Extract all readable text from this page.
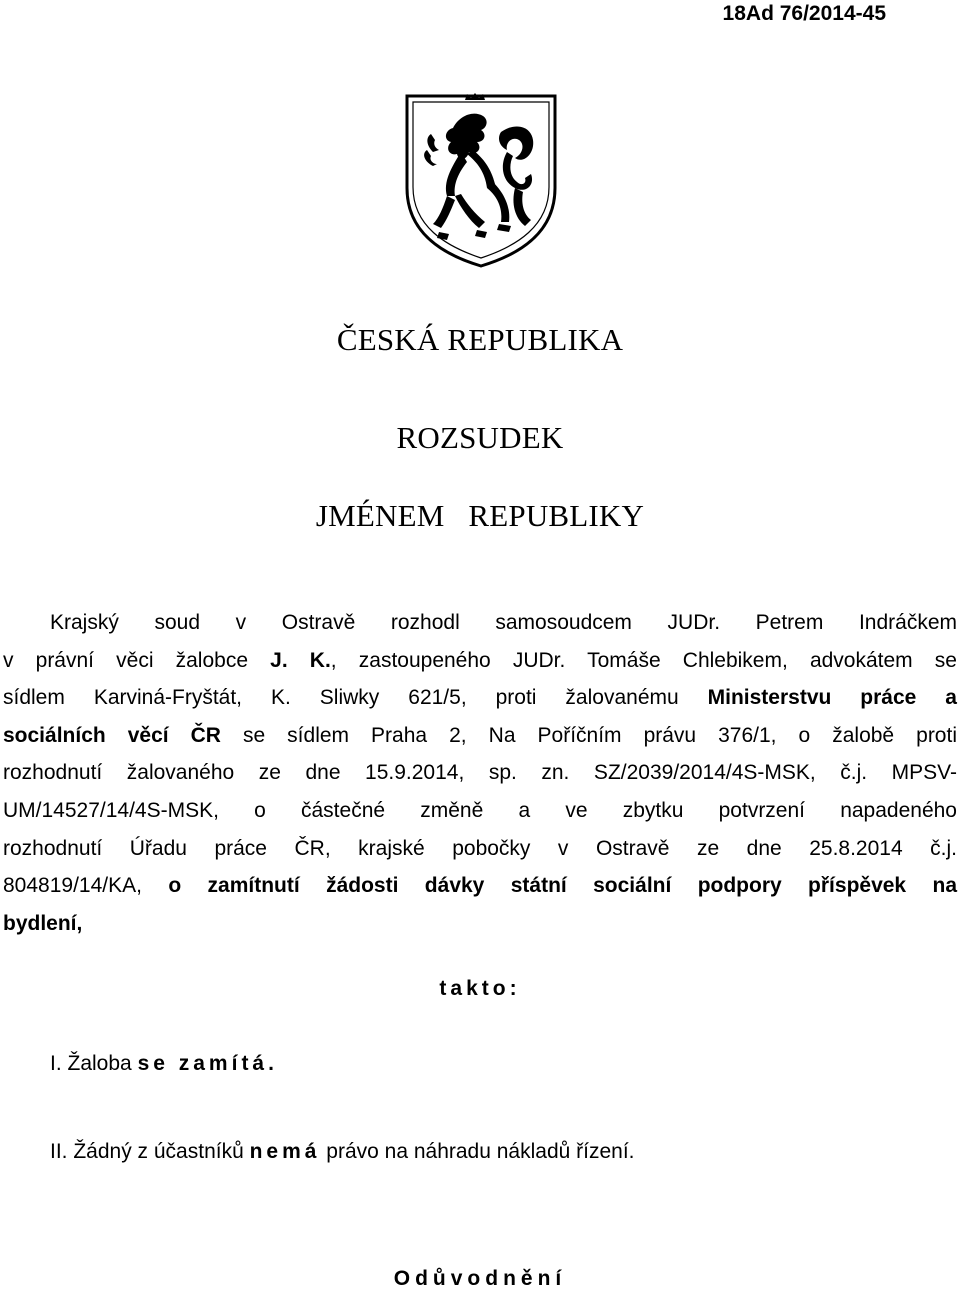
18Ad 76/2014-45
ČESKÁ REPUBLIKA
ROZSUDEK
JMÉNEM   REPUBLIKY
Krajský soud v Ostravě rozhodl samosoudcem JUDr. Petrem Indráčkem
v právní věci žalobce J. K., zastoupeného JUDr. Tomáše Chlebikem, advokátem se
sídlem Karviná-Fryštát, K. Sliwky 621/5, proti žalovanému Ministerstvu práce a
sociálních věcí ČR se sídlem Praha 2, Na Poříčním právu 376/1, o žalobě proti
rozhodnutí žalovaného ze dne 15.9.2014, sp. zn. SZ/2039/2014/4S-MSK, č.j. MPSV-
UM/14527/14/4S-MSK, o částečné změně a ve zbytku potvrzení napadeného
rozhodnutí Úřadu práce ČR, krajské pobočky v Ostravě ze dne 25.8.2014 č.j.
804819/14/KA, o zamítnutí žádosti dávky státní sociální podpory příspěvek na
bydlení,
takto:
I. Žaloba se zamítá.
II. Žádný z účastníků nemá právo na náhradu nákladů řízení.
Odůvodnění
